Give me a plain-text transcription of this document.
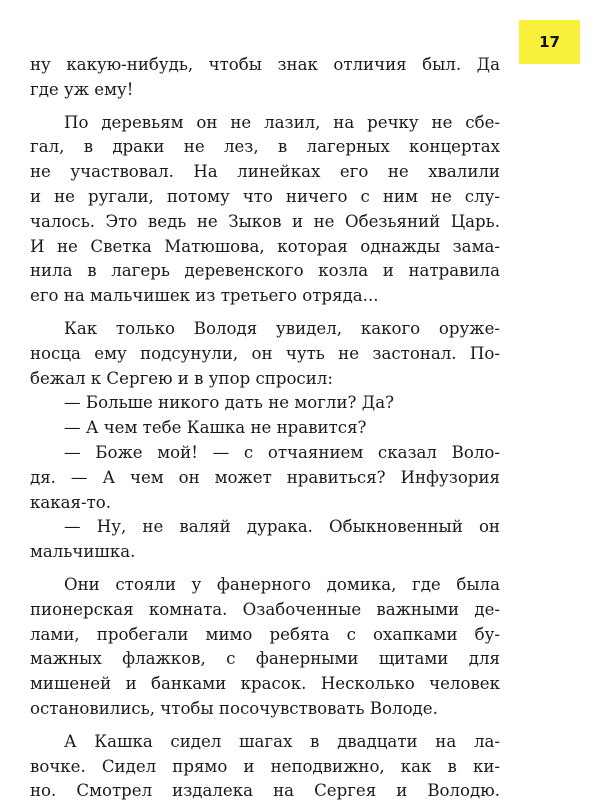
17
ну какую-нибудь, чтобы знак отличия был. Да
где уж ему!
По деревьям он не лазил, на речку не сбе-
гал, в драки не лез, в лагерных концертах
не участвовал. На линейках его не хвалили
и не ругали, потому что ничего с ним не слу-
чалось. Это ведь не Зыков и не Обезьяний Царь.
И не Светка Матюшова, которая однажды зама-
нила в лагерь деревенского козла и натравила
его на мальчишек из третьего отряда...
Как только Володя увидел, какого оруже-
носца ему подсунули, он чуть не застонал. По-
бежал к Сергею и в упор спросил:
— Больше никого дать не могли? Да?
— А чем тебе Кашка не нравится?
— Боже мой! — с отчаянием сказал Воло-
дя. — А чем он может нравиться? Инфузория
какая-то.
— Ну, не валяй дурака. Обыкновенный он
мальчишка.
Они стояли у фанерного домика, где была
пионерская комната. Озабоченные важными де-
лами, пробегали мимо ребята с охапками бу-
мажных флажков, с фанерными щитами для
мишеней и банками красок. Несколько человек
остановились, чтобы посочувствовать Володе.
А Кашка сидел шагах в двадцати на ла-
вочке. Сидел прямо и неподвижно, как в ки-
но. Смотрел издалека на Сергея и Володю.
